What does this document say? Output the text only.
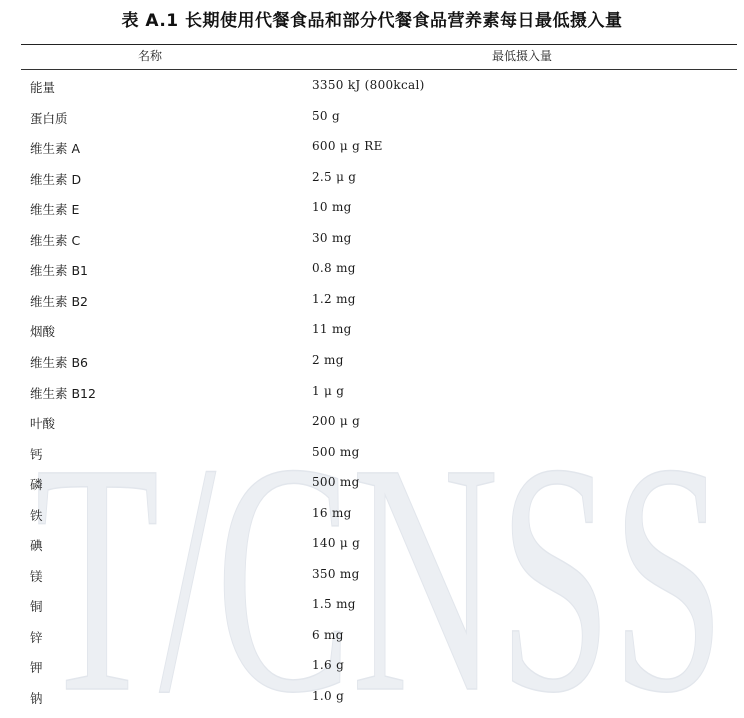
T/CNSS
表 A.1 长期使用代餐食品和部分代餐食品营养素每日最低摄入量
名称	最低摄入量
能量	3350 kJ (800kcal)
蛋白质	50 g
维生素 A	600 μ g RE
维生素 D	2.5 μ g
维生素 E	10 mg
维生素 C	30 mg
维生素 B1	0.8 mg
维生素 B2	1.2 mg
烟酸	11 mg
维生素 B6	2 mg
维生素 B12	1 μ g
叶酸	200 μ g
钙	500 mg
磷	500 mg
铁	16 mg
碘	140 μ g
镁	350 mg
铜	1.5 mg
锌	6 mg
钾	1.6 g
钠	1.0 g
